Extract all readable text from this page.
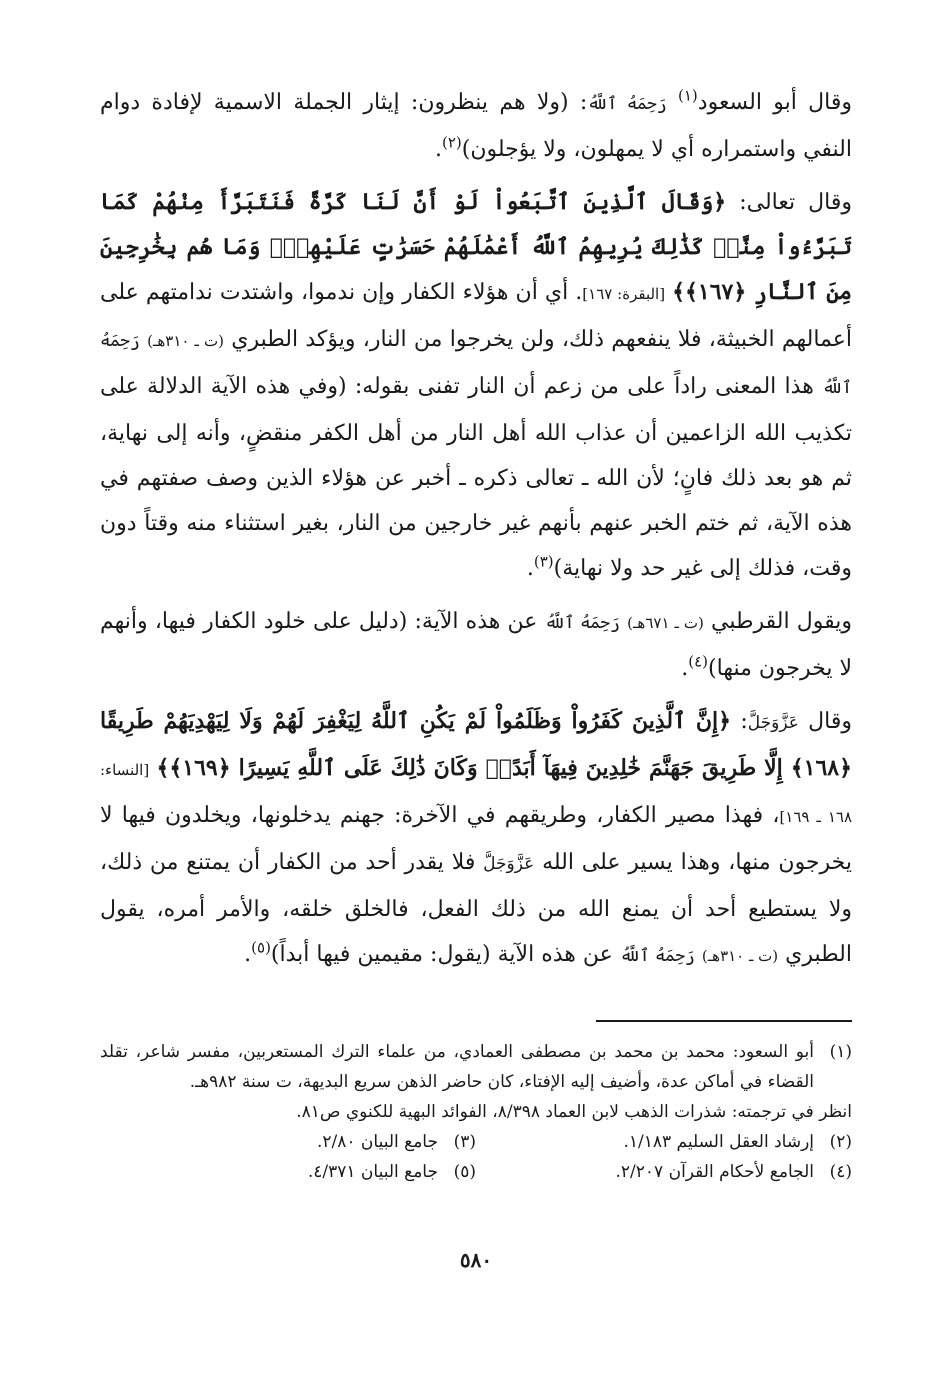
وقال أبو السعود$^{(١)}$ رَحِمَهُ ٱللَّهُ: (ولا هم ينظرون: إيثار الجملة الاسمية لإفادة دوام النفي واستمراره أي لا يمهلون، ولا يؤجلون)$^{(٢)}$.

وقال تعالى: ﴿وَقَالَ ٱلَّذِينَ ٱتَّبَعُواْ لَوْ أَنَّ لَنَا كَرَّةً فَنَتَبَرَّأَ مِنْهُمْ كَمَا تَبَرَّءُواْ مِنَّاۗ كَذَٰلِكَ يُرِيهِمُ ٱللَّهُ أَعْمَٰلَهُمْ حَسَرَٰتٍ عَلَيْهِمْۖ وَمَا هُم بِخَٰرِجِينَ مِنَ ٱلنَّارِ ﴿١٦٧﴾﴾ [البقرة: ١٦٧]. أي أن هؤلاء الكفار وإن ندموا، واشتدت ندامتهم على أعمالهم الخبيثة، فلا ينفعهم ذلك، ولن يخرجوا من النار، ويؤكد الطبري (ت ـ ٣١٠هـ) رَحِمَهُ ٱللَّهُ هذا المعنى راداً على من زعم أن النار تفنى بقوله: (وفي هذه الآية الدلالة على تكذيب الله الزاعمين أن عذاب الله أهل النار من أهل الكفر منقضٍ، وأنه إلى نهاية، ثم هو بعد ذلك فانٍ؛ لأن الله ـ تعالى ذكره ـ أخبر عن هؤلاء الذين وصف صفتهم في هذه الآية، ثم ختم الخبر عنهم بأنهم غير خارجين من النار، بغير استثناء منه وقتاً دون وقت، فذلك إلى غير حد ولا نهاية)$^{(٣)}$.

ويقول القرطبي (ت ـ ٦٧١هـ) رَحِمَهُ ٱللَّهُ عن هذه الآية: (دليل على خلود الكفار فيها، وأنهم لا يخرجون منها)$^{(٤)}$.

وقال عَزَّوَجَلَّ: ﴿إِنَّ ٱلَّذِينَ كَفَرُواْ وَظَلَمُواْ لَمْ يَكُنِ ٱللَّهُ لِيَغْفِرَ لَهُمْ وَلَا لِيَهْدِيَهُمْ طَرِيقًا ﴿١٦٨﴾ إِلَّا طَرِيقَ جَهَنَّمَ خَٰلِدِينَ فِيهَآ أَبَدًاۚ وَكَانَ ذَٰلِكَ عَلَى ٱللَّهِ يَسِيرًا ﴿١٦٩﴾﴾ [النساء: ١٦٨ ـ ١٦٩]، فهذا مصير الكفار، وطريقهم في الآخرة: جهنم يدخلونها، ويخلدون فيها لا يخرجون منها، وهذا يسير على الله عَزَّوَجَلَّ فلا يقدر أحد من الكفار أن يمتنع من ذلك، ولا يستطيع أحد أن يمنع الله من ذلك الفعل، فالخلق خلقه، والأمر أمره، يقول الطبري (ت ـ ٣١٠هـ) رَحِمَهُ ٱللَّهُ عن هذه الآية (يقول: مقيمين فيها أبداً)$^{(٥)}$.

(١)
أبو السعود: محمد بن محمد بن مصطفى العمادي، من علماء الترك المستعربين، مفسر شاعر، تقلد القضاء في أماكن عدة، وأضيف إليه الإفتاء، كان حاضر الذهن سريع البديهة، ت سنة ٩٨٢هـ.
انظر في ترجمته: شذرات الذهب لابن العماد ٨/٣٩٨، الفوائد البهية للكنوي ص٨١.
(٢)
إرشاد العقل السليم ١/١٨٣.
(٣)
جامع البيان ٢/٨٠.
(٤)
الجامع لأحكام القرآن ٢/٢٠٧.
(٥)
جامع البيان ٤/٣٧١.
٥٨٠
